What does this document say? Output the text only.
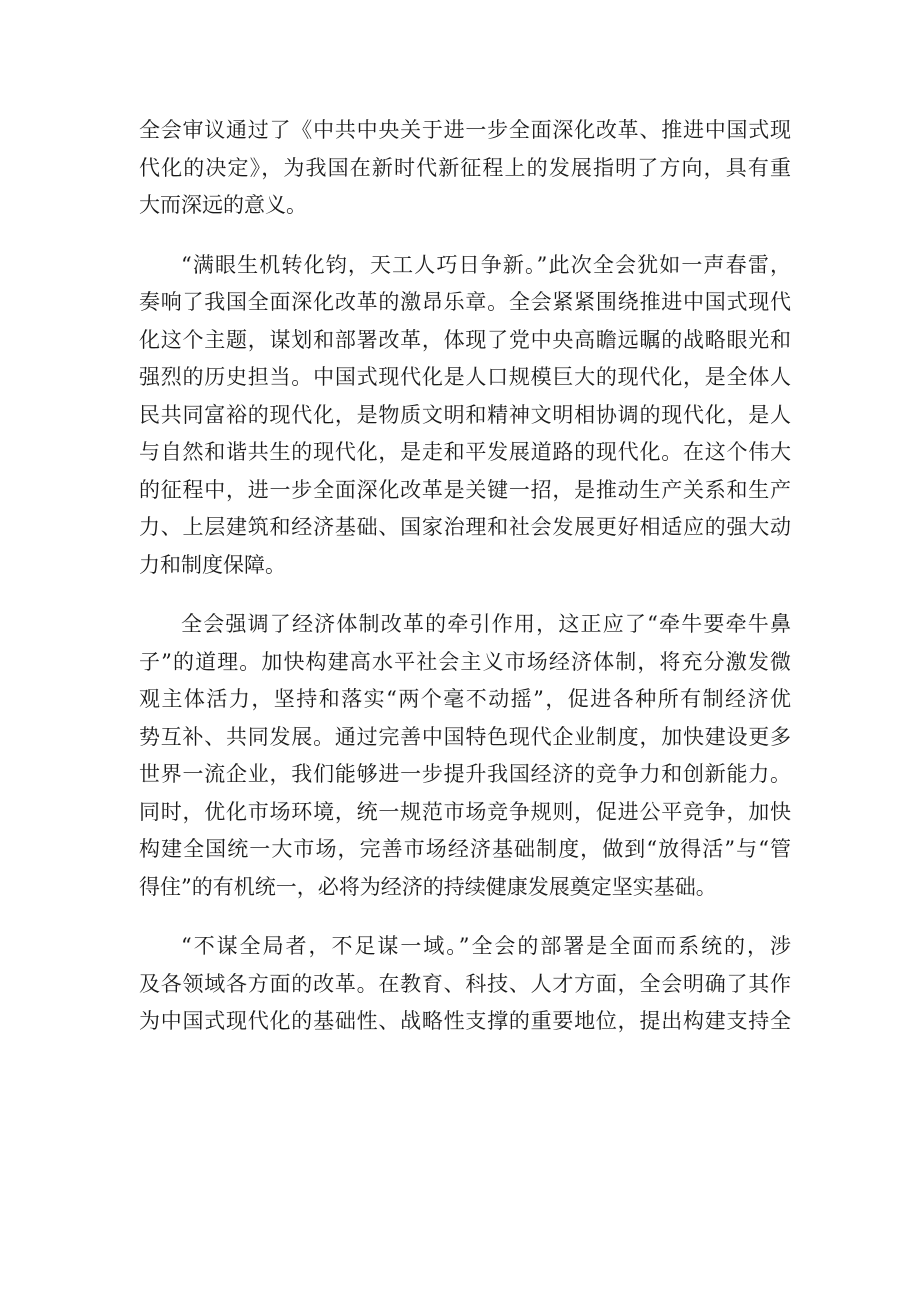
全会审议通过了《中共中央关于进一步全面深化改革、推进中国式现
代化的决定》，为我国在新时代新征程上的发展指明了方向，具有重
大而深远的意义。
“满眼生机转化钧，天工人巧日争新。”此次全会犹如一声春雷，
奏响了我国全面深化改革的激昂乐章。全会紧紧围绕推进中国式现代
化这个主题，谋划和部署改革，体现了党中央高瞻远瞩的战略眼光和
强烈的历史担当。中国式现代化是人口规模巨大的现代化，是全体人
民共同富裕的现代化，是物质文明和精神文明相协调的现代化，是人
与自然和谐共生的现代化，是走和平发展道路的现代化。在这个伟大
的征程中，进一步全面深化改革是关键一招，是推动生产关系和生产
力、上层建筑和经济基础、国家治理和社会发展更好相适应的强大动
力和制度保障。
全会强调了经济体制改革的牵引作用，这正应了“牵牛要牵牛鼻
子”的道理。加快构建高水平社会主义市场经济体制，将充分激发微
观主体活力，坚持和落实“两个毫不动摇”，促进各种所有制经济优
势互补、共同发展。通过完善中国特色现代企业制度，加快建设更多
世界一流企业，我们能够进一步提升我国经济的竞争力和创新能力。
同时，优化市场环境，统一规范市场竞争规则，促进公平竞争，加快
构建全国统一大市场，完善市场经济基础制度，做到“放得活”与“管
得住”的有机统一，必将为经济的持续健康发展奠定坚实基础。
“不谋全局者，不足谋一域。”全会的部署是全面而系统的，涉
及各领域各方面的改革。在教育、科技、人才方面，全会明确了其作
为中国式现代化的基础性、战略性支撑的重要地位，提出构建支持全
